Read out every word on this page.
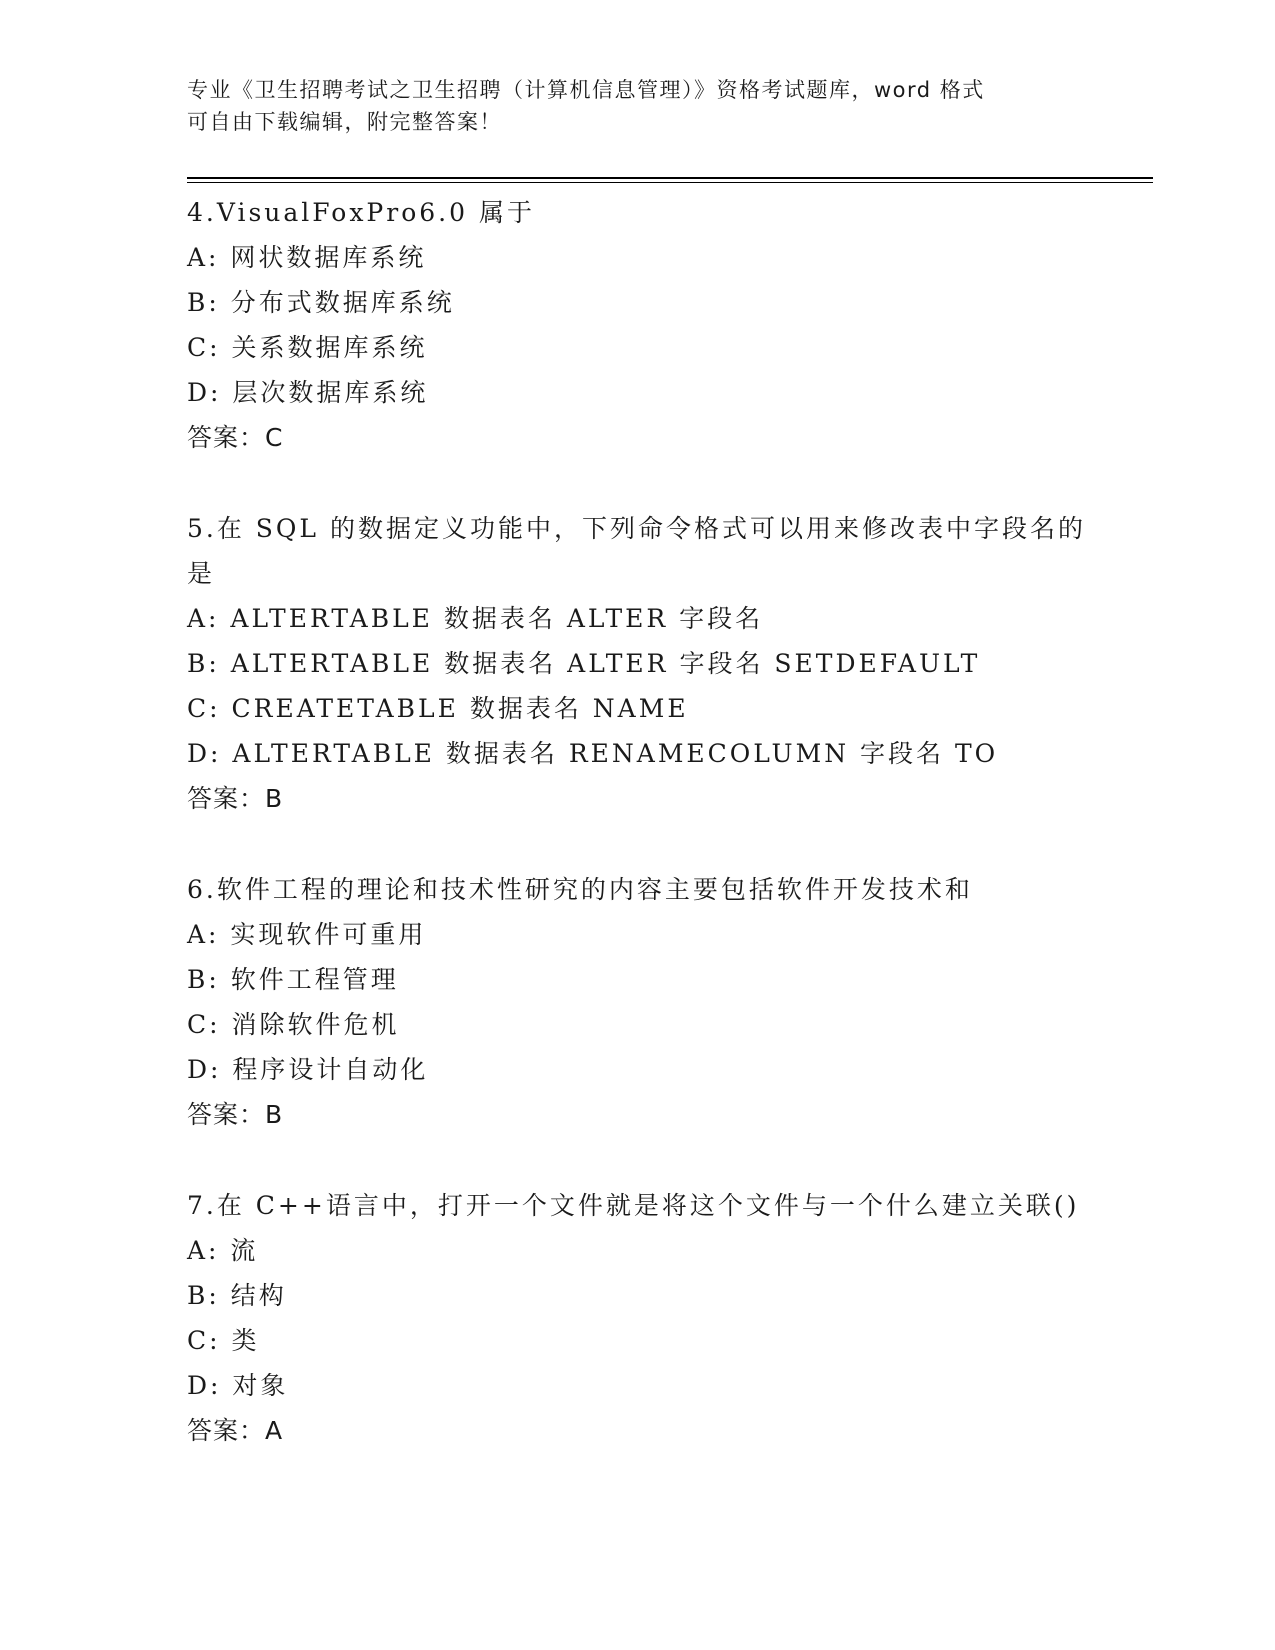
专业《卫生招聘考试之卫生招聘（计算机信息管理）》资格考试题库，word 格式
可自由下载编辑，附完整答案！

4.VisualFoxPro6.0 属于

A: 网状数据库系统

B: 分布式数据库系统

C: 关系数据库系统

D: 层次数据库系统

答案：C

5.在 SQL 的数据定义功能中，下列命令格式可以用来修改表中字段名的是

A: ALTERTABLE 数据表名 ALTER 字段名

B: ALTERTABLE 数据表名 ALTER 字段名 SETDEFAULT

C: CREATETABLE 数据表名 NAME

D: ALTERTABLE 数据表名 RENAMECOLUMN 字段名 TO

答案：B

6.软件工程的理论和技术性研究的内容主要包括软件开发技术和

A: 实现软件可重用

B: 软件工程管理

C: 消除软件危机

D: 程序设计自动化

答案：B

7.在 C++语言中，打开一个文件就是将这个文件与一个什么建立关联()

A: 流

B: 结构

C: 类

D: 对象

答案：A
